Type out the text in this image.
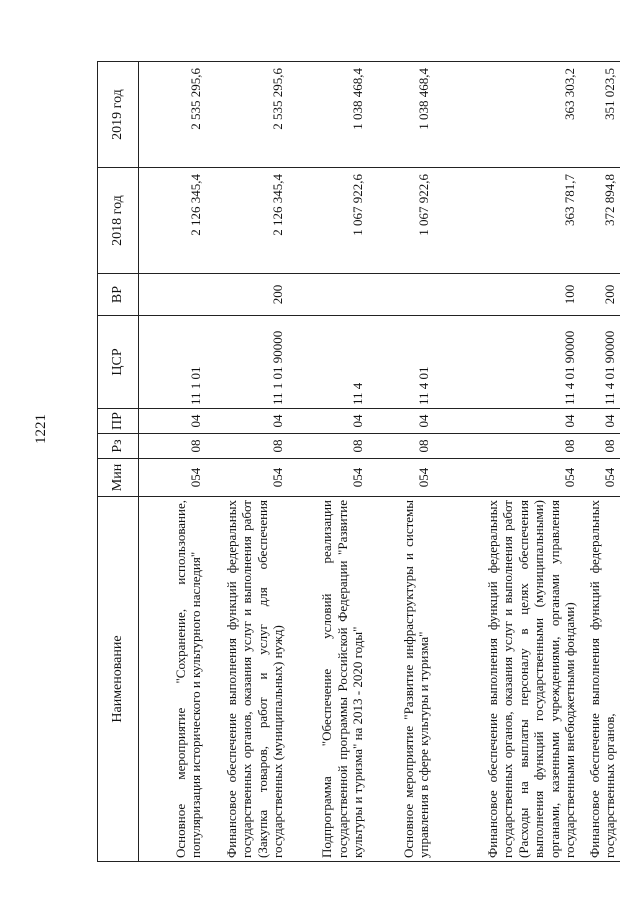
1221
Наименование	Мин	Рз	ПР	ЦСР	ВР	2018 год	2019 год
Основное мероприятие "Сохранение, использование, популяризация исторического и культурного наследия"	054	08	04	11 1 01		2 126 345,4	2 535 295,6
Финансовое обеспечение выполнения функций федеральных государственных органов, оказания услуг и выполнения работ (Закупка товаров, работ и услуг для обеспечения государственных (муниципальных) нужд)	054	08	04	11 1 01 90000	200	2 126 345,4	2 535 295,6
Подпрограмма "Обеспечение условий реализации государственной программы Российской Федерации "Развитие культуры и туризма" на 2013 - 2020 годы"	054	08	04	11 4		1 067 922,6	1 038 468,4
Основное мероприятие "Развитие инфраструктуры и системы управления в сфере культуры и туризма"	054	08	04	11 4 01		1 067 922,6	1 038 468,4
Финансовое обеспечение выполнения функций федеральных государственных органов, оказания услуг и выполнения работ (Расходы на выплаты персоналу в целях обеспечения выполнения функций государственными (муниципальными) органами, казенными учреждениями, органами управления государственными внебюджетными фондами)	054	08	04	11 4 01 90000	100	363 781,7	363 303,2
Финансовое обеспечение выполнения функций федеральных государственных органов,	054	08	04	11 4 01 90000	200	372 894,8	351 023,5
